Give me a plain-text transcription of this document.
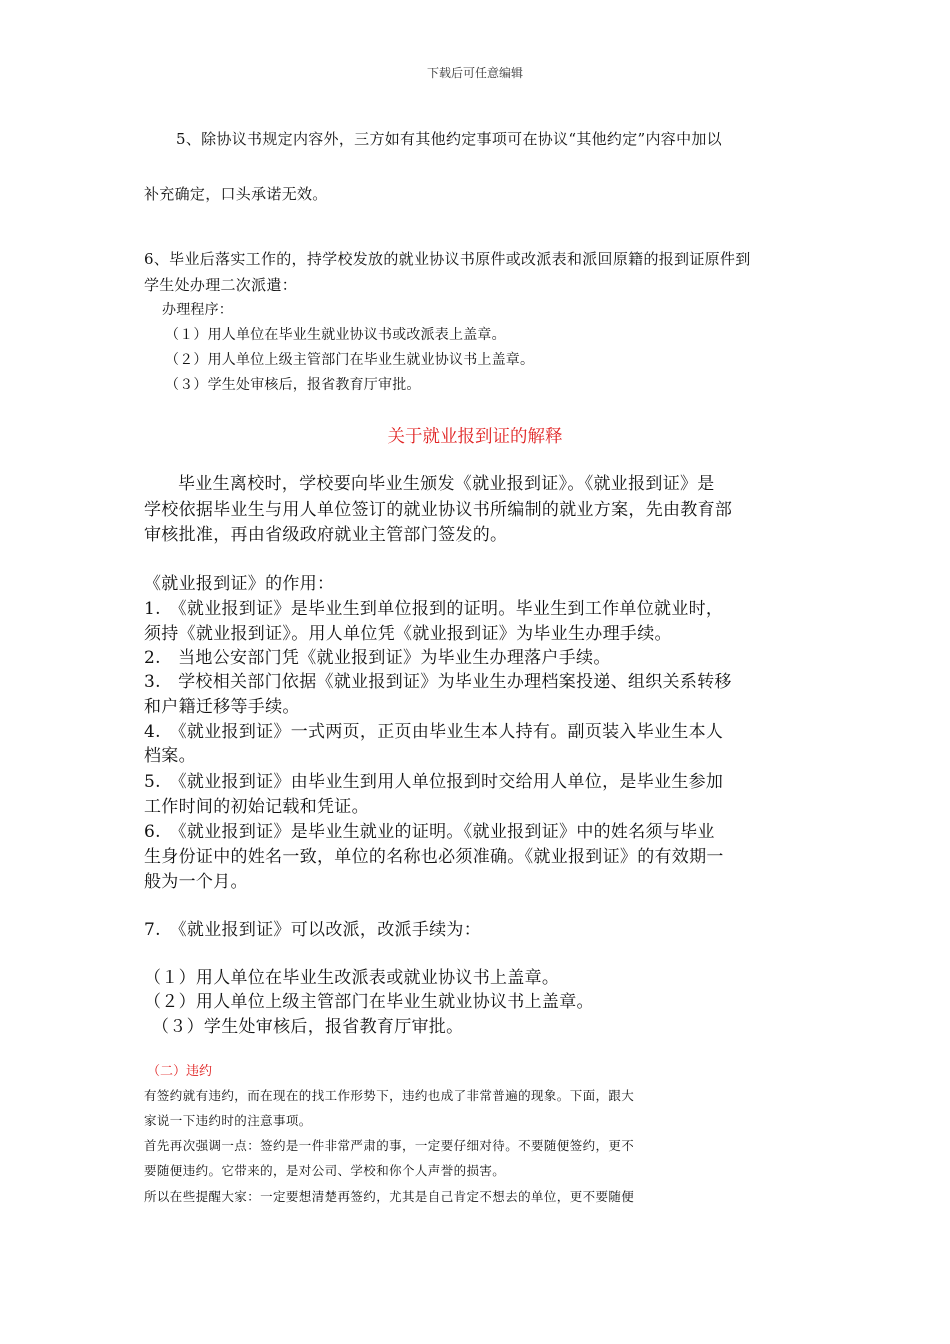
下载后可任意编辑
5、除协议书规定内容外，三方如有其他约定事项可在协议“其他约定”内容中加以
补充确定，口头承诺无效。
6、毕业后落实工作的，持学校发放的就业协议书原件或改派表和派回原籍的报到证原件到
学生处办理二次派遣：
办理程序：
（１）用人单位在毕业生就业协议书或改派表上盖章。
（２）用人单位上级主管部门在毕业生就业协议书上盖章。
（３）学生处审核后，报省教育厅审批。
关于就业报到证的解释
毕业生离校时，学校要向毕业生颁发《就业报到证》。《就业报到证》是
学校依据毕业生与用人单位签订的就业协议书所编制的就业方案，先由教育部
审核批准，再由省级政府就业主管部门签发的。
《就业报到证》的作用：
1.　《就业报到证》是毕业生到单位报到的证明。毕业生到工作单位就业时，
须持《就业报到证》。用人单位凭《就业报到证》为毕业生办理手续。
2.　当地公安部门凭《就业报到证》为毕业生办理落户手续。
3.　学校相关部门依据《就业报到证》为毕业生办理档案投递、组织关系转移
和户籍迁移等手续。
4.　《就业报到证》一式两页，正页由毕业生本人持有。副页装入毕业生本人
档案。
5.　《就业报到证》由毕业生到用人单位报到时交给用人单位，是毕业生参加
工作时间的初始记载和凭证。
6.　《就业报到证》是毕业生就业的证明。《就业报到证》中的姓名须与毕业
生身份证中的姓名一致，单位的名称也必须准确。《就业报到证》的有效期一
般为一个月。
7.　《就业报到证》可以改派，改派手续为：
（１）用人单位在毕业生改派表或就业协议书上盖章。
（２）用人单位上级主管部门在毕业生就业协议书上盖章。
（３）学生处审核后，报省教育厅审批。
（二）违约
有签约就有违约，而在现在的找工作形势下，违约也成了非常普遍的现象。下面，跟大
家说一下违约时的注意事项。
首先再次强调一点：签约是一件非常严肃的事，一定要仔细对待。不要随便签约，更不
要随便违约。它带来的，是对公司、学校和你个人声誉的损害。
所以在些提醒大家：一定要想清楚再签约，尤其是自己肯定不想去的单位，更不要随便
